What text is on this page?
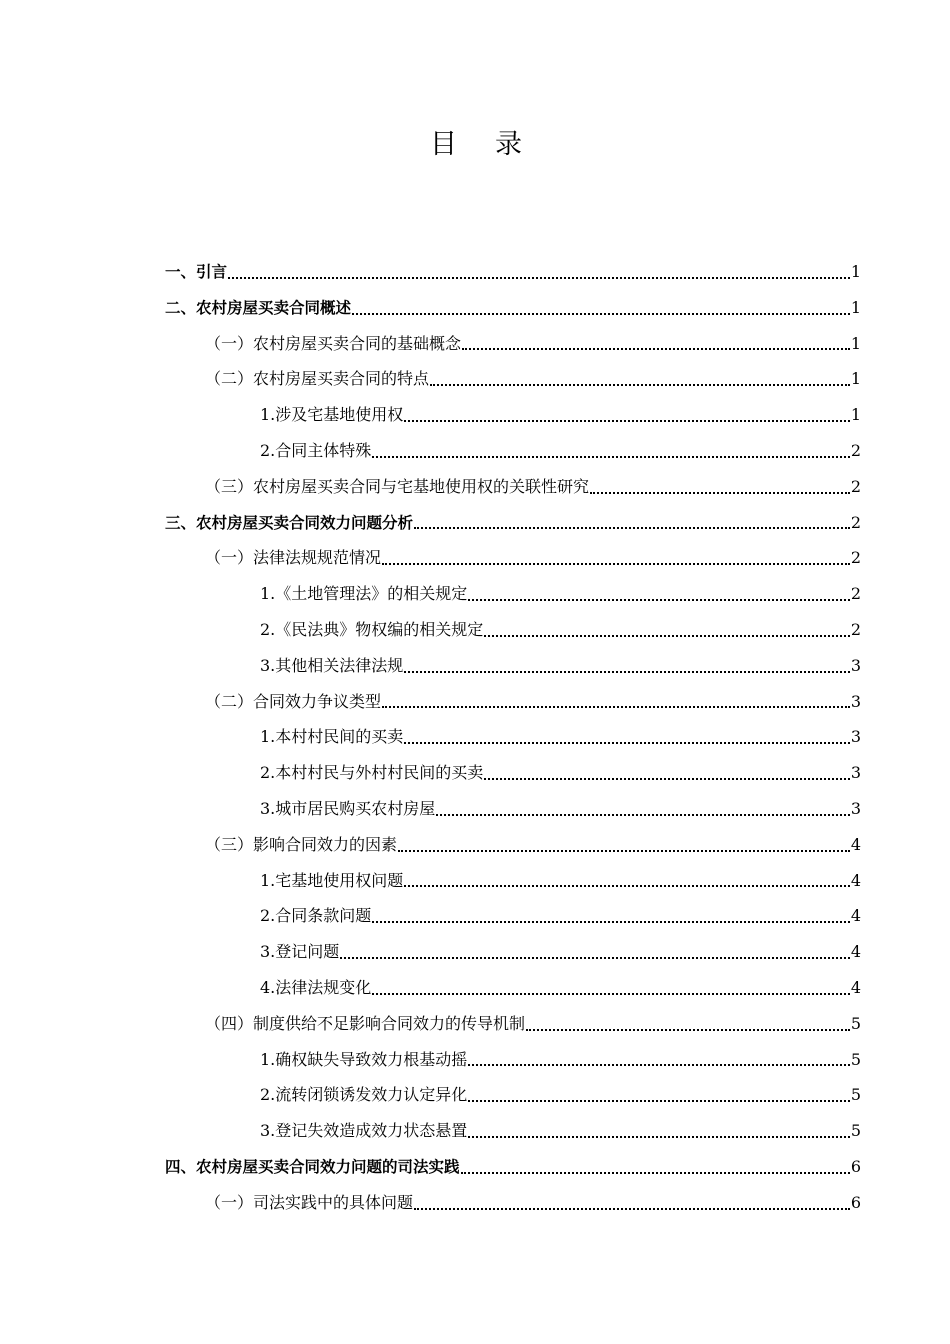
目录
一、引言	1
二、农村房屋买卖合同概述	1
（一）农村房屋买卖合同的基础概念	1
（二）农村房屋买卖合同的特点	1
1.涉及宅基地使用权	1
2.合同主体特殊	2
（三）农村房屋买卖合同与宅基地使用权的关联性研究	2
三、农村房屋买卖合同效力问题分析	2
（一）法律法规规范情况	2
1.《土地管理法》的相关规定	2
2.《民法典》物权编的相关规定	2
3.其他相关法律法规	3
（二）合同效力争议类型	3
1.本村村民间的买卖	3
2.本村村民与外村村民间的买卖	3
3.城市居民购买农村房屋	3
（三）影响合同效力的因素	4
1.宅基地使用权问题	4
2.合同条款问题	4
3.登记问题	4
4.法律法规变化	4
（四）制度供给不足影响合同效力的传导机制	5
1.确权缺失导致效力根基动摇	5
2.流转闭锁诱发效力认定异化	5
3.登记失效造成效力状态悬置	5
四、农村房屋买卖合同效力问题的司法实践	6
（一）司法实践中的具体问题	6
